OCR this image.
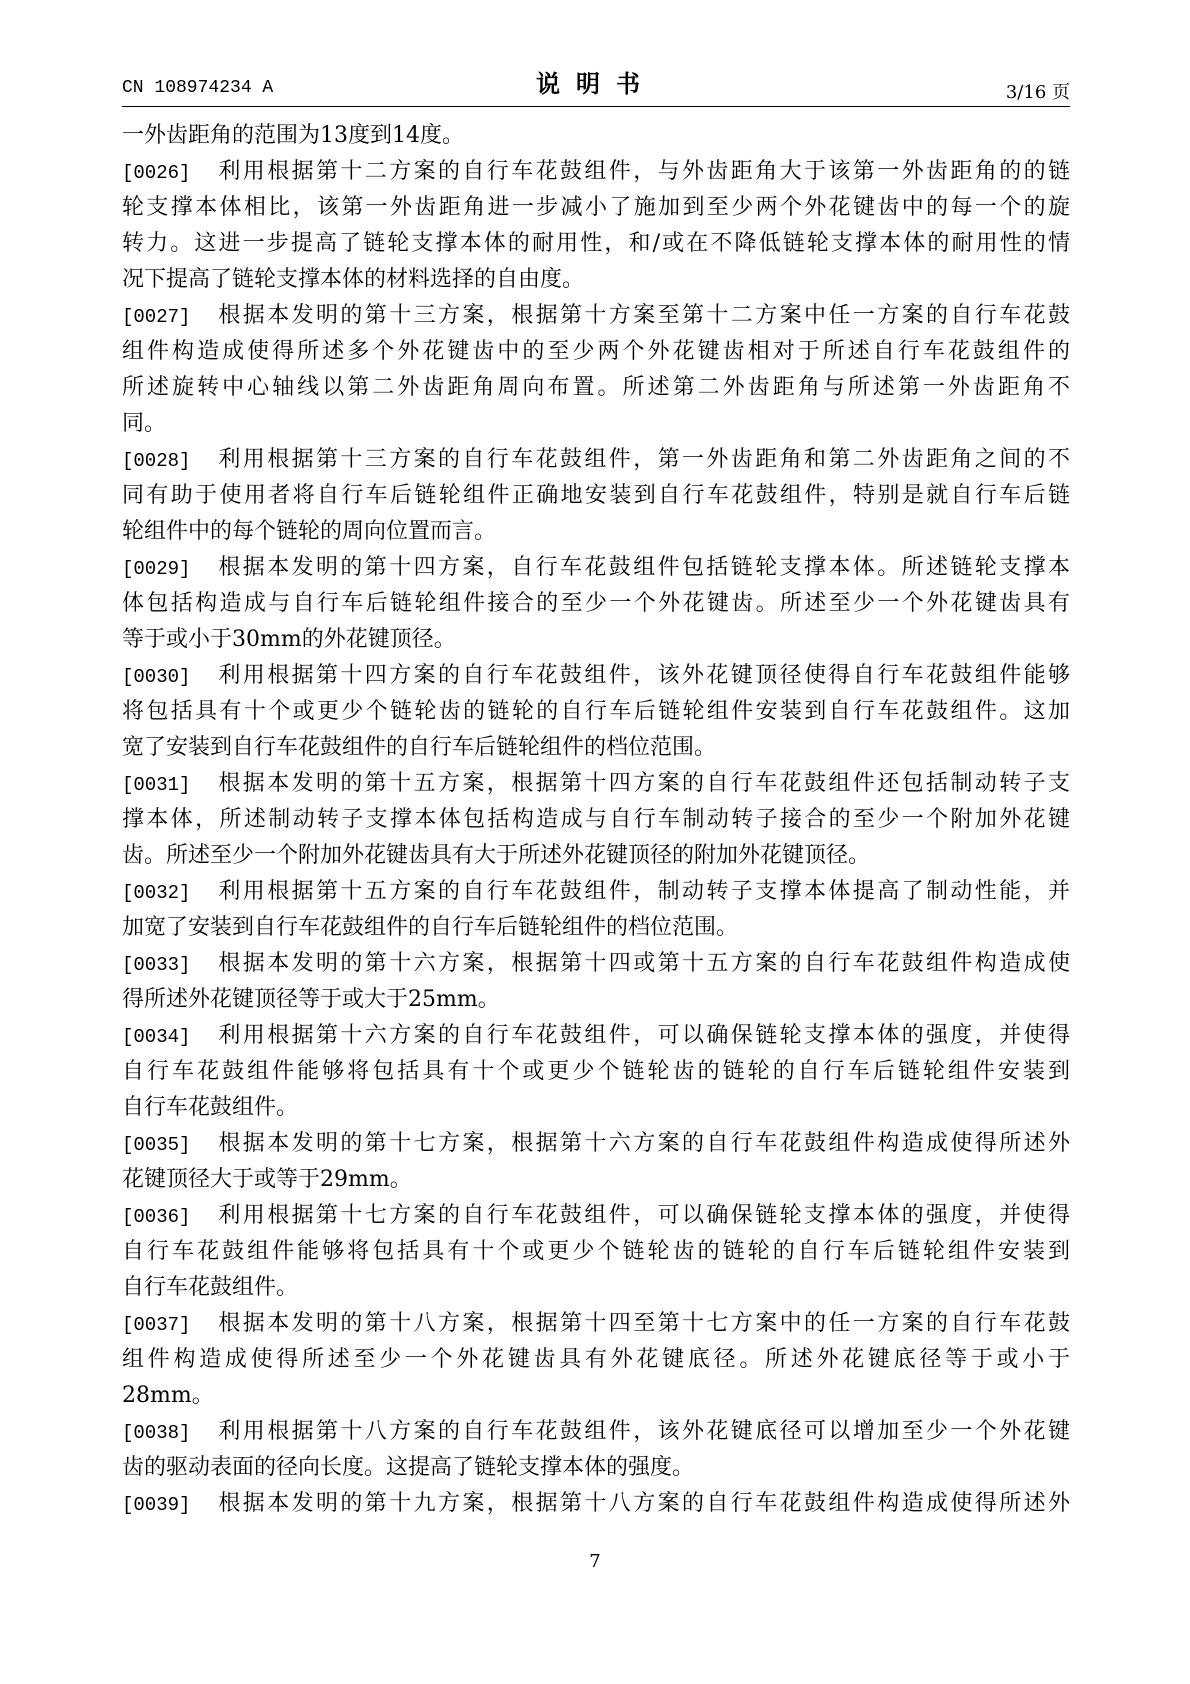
CN 108974234 A	说明书	3/16 页
一外齿距角的范围为13度到14度。
[0026] 利用根据第十二方案的自行车花鼓组件，与外齿距角大于该第一外齿距角的的链
轮支撑本体相比，该第一外齿距角进一步减小了施加到至少两个外花键齿中的每一个的旋
转力。这进一步提高了链轮支撑本体的耐用性，和/或在不降低链轮支撑本体的耐用性的情
况下提高了链轮支撑本体的材料选择的自由度。
[0027] 根据本发明的第十三方案，根据第十方案至第十二方案中任一方案的自行车花鼓
组件构造成使得所述多个外花键齿中的至少两个外花键齿相对于所述自行车花鼓组件的
所述旋转中心轴线以第二外齿距角周向布置。所述第二外齿距角与所述第一外齿距角不
同。
[0028] 利用根据第十三方案的自行车花鼓组件，第一外齿距角和第二外齿距角之间的不
同有助于使用者将自行车后链轮组件正确地安装到自行车花鼓组件，特别是就自行车后链
轮组件中的每个链轮的周向位置而言。
[0029] 根据本发明的第十四方案，自行车花鼓组件包括链轮支撑本体。所述链轮支撑本
体包括构造成与自行车后链轮组件接合的至少一个外花键齿。所述至少一个外花键齿具有
等于或小于30mm的外花键顶径。
[0030] 利用根据第十四方案的自行车花鼓组件，该外花键顶径使得自行车花鼓组件能够
将包括具有十个或更少个链轮齿的链轮的自行车后链轮组件安装到自行车花鼓组件。这加
宽了安装到自行车花鼓组件的自行车后链轮组件的档位范围。
[0031] 根据本发明的第十五方案，根据第十四方案的自行车花鼓组件还包括制动转子支
撑本体，所述制动转子支撑本体包括构造成与自行车制动转子接合的至少一个附加外花键
齿。所述至少一个附加外花键齿具有大于所述外花键顶径的附加外花键顶径。
[0032] 利用根据第十五方案的自行车花鼓组件，制动转子支撑本体提高了制动性能，并
加宽了安装到自行车花鼓组件的自行车后链轮组件的档位范围。
[0033] 根据本发明的第十六方案，根据第十四或第十五方案的自行车花鼓组件构造成使
得所述外花键顶径等于或大于25mm。
[0034] 利用根据第十六方案的自行车花鼓组件，可以确保链轮支撑本体的强度，并使得
自行车花鼓组件能够将包括具有十个或更少个链轮齿的链轮的自行车后链轮组件安装到
自行车花鼓组件。
[0035] 根据本发明的第十七方案，根据第十六方案的自行车花鼓组件构造成使得所述外
花键顶径大于或等于29mm。
[0036] 利用根据第十七方案的自行车花鼓组件，可以确保链轮支撑本体的强度，并使得
自行车花鼓组件能够将包括具有十个或更少个链轮齿的链轮的自行车后链轮组件安装到
自行车花鼓组件。
[0037] 根据本发明的第十八方案，根据第十四至第十七方案中的任一方案的自行车花鼓
组件构造成使得所述至少一个外花键齿具有外花键底径。所述外花键底径等于或小于
28mm。
[0038] 利用根据第十八方案的自行车花鼓组件，该外花键底径可以增加至少一个外花键
齿的驱动表面的径向长度。这提高了链轮支撑本体的强度。
[0039] 根据本发明的第十九方案，根据第十八方案的自行车花鼓组件构造成使得所述外
7
